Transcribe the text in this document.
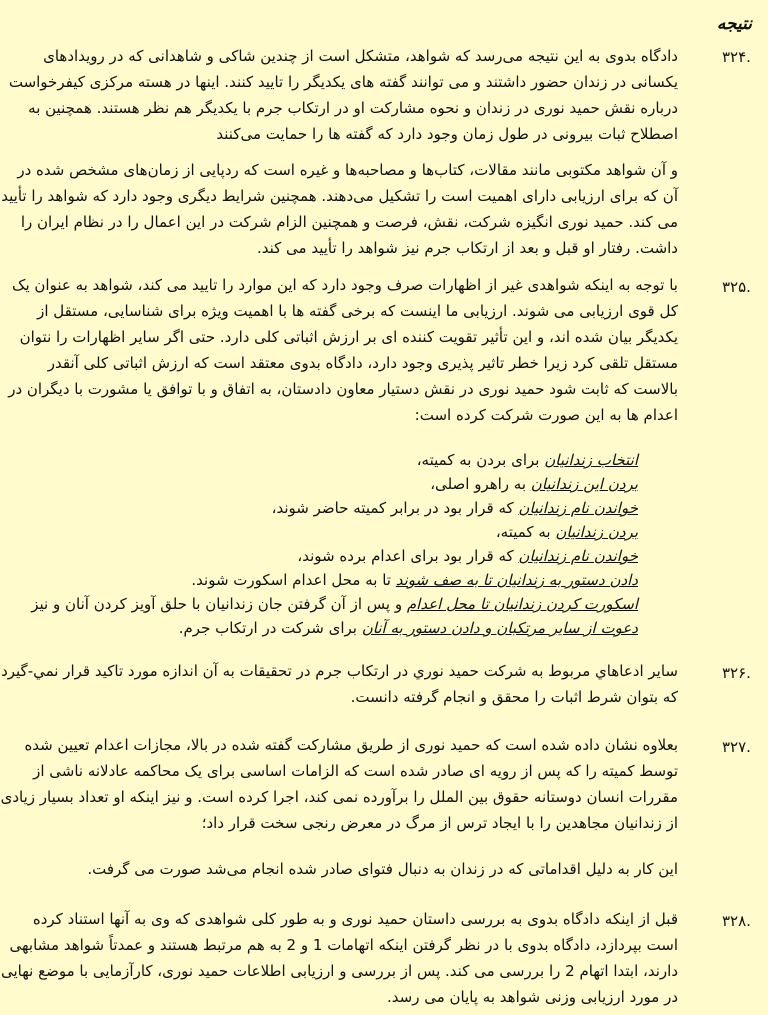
نتیجه
۳۲۴.

دادگاه بدوی به این نتیجه می‌رسد که شواهد، متشکل است از چندین شاکی و شاهدانی که در رویدادهای یکسانی در زندان حضور داشتند و می توانند گفته های یکدیگر را تایید کنند. اینها در هسته مرکزی کیفرخواست درباره نقش حمید نوری در زندان و نحوه مشارکت او در ارتکاب جرم با یکدیگر هم نظر هستند. همچنین به اصطلاح ثبات بیرونی در طول زمان وجود دارد که گفته ها را حمایت می‌کنند

و آن شواهد مکتوبی مانند مقالات، کتاب‌ها و مصاحبه‌ها و غیره است که ردپایی از زمان‌های مشخص شده در آن که برای ارزیابی دارای اهمیت است را تشکیل می‌دهند. همچنین شرایط دیگری وجود دارد که شواهد را تأیید می کند. حمید نوری انگیزه شرکت، نقش، فرصت و همچنین الزام شرکت در این اعمال را در نظام ایران را داشت. رفتار او قبل و بعد از ارتکاب جرم نیز شواهد را تأیید می کند.

۳۲۵.

با توجه به اینکه شواهدی غیر از اظهارات صرف وجود دارد که این موارد را تایید می کند، شواهد به عنوان یک کل قوی ارزیابی می شوند. ارزیابی ما اینست که برخی گفته ها با اهمیت ویژه برای شناسایی، مستقل از یکدیگر بیان شده اند، و این تأثیر تقویت کننده ای بر ارزش اثباتی کلی دارد. حتی اگر سایر اظهارات را نتوان مستقل تلقی کرد زیرا خطر تاثیر پذیری وجود دارد، دادگاه بدوی معتقد است که ارزش اثباتی کلی آنقدر بالاست که ثابت شود حمید نوری در نقش دستیار معاون دادستان، به اتفاق و با توافق یا مشورت با دیگران در اعدام ها به این صورت شرکت کرده است:

انتخاب زندانیان برای بردن به کمیته،
بردن این زندانیان به راهرو اصلی،
خواندن نام زندانیان که قرار بود در برابر کمیته حاضر شوند،
بردن زندانیان به کمیته،
خواندن نام زندانیان که قرار بود برای اعدام برده شوند،
دادن دستور به زندانیان تا به صف شوند تا به محل اعدام اسکورت شوند.
اسکورت کردن زندانیان تا محل اعدام و پس از آن گرفتن جان زندانیان با حلق آویز کردن آنان و نیز
دعوت از سایر مرتکبان و دادن دستور به آنان برای شرکت در ارتکاب جرم.
۳۲۶.

ساير ادعاهاي مربوط به شركت حميد نوري در ارتكاب جرم در تحقيقات به آن اندازه مورد تاكيد قرار نمي-گيرد كه بتوان شرط اثبات را محقق و انجام گرفته دانست.

۳۲۷.

بعلاوه نشان داده شده است که حمید نوری از طریق مشارکت گفته شده در بالا، مجازات اعدام تعیین شده توسط کمیته را که پس از رویه ای صادر شده است که الزامات اساسی برای یک محاکمه عادلانه ناشی از مقررات انسان دوستانه حقوق بین الملل را برآورده نمی کند، اجرا کرده است. و نیز اینکه او تعداد بسیار زیادی از زندانیان مجاهدین را با ایجاد ترس از مرگ در معرض رنجی سخت قرار داد؛

این کار به دلیل اقداماتی که در زندان به دنبال فتوای صادر شده انجام می‌شد صورت می گرفت.

۳۲۸.

قبل از اینکه دادگاه بدوی به بررسی داستان حمید نوری و به طور کلی شواهدی که وی به آنها استناد کرده است بپردازد، دادگاه بدوی با در نظر گرفتن اینکه اتهامات 1 و 2 به هم مرتبط هستند و عمدتاً شواهد مشابهی دارند، ابتدا اتهام 2 را بررسی می کند. پس از بررسی و ارزیابی اطلاعات حمید نوری، کارآزمایی با موضع نهایی در مورد ارزیابی وزنی شواهد به پایان می رسد.
